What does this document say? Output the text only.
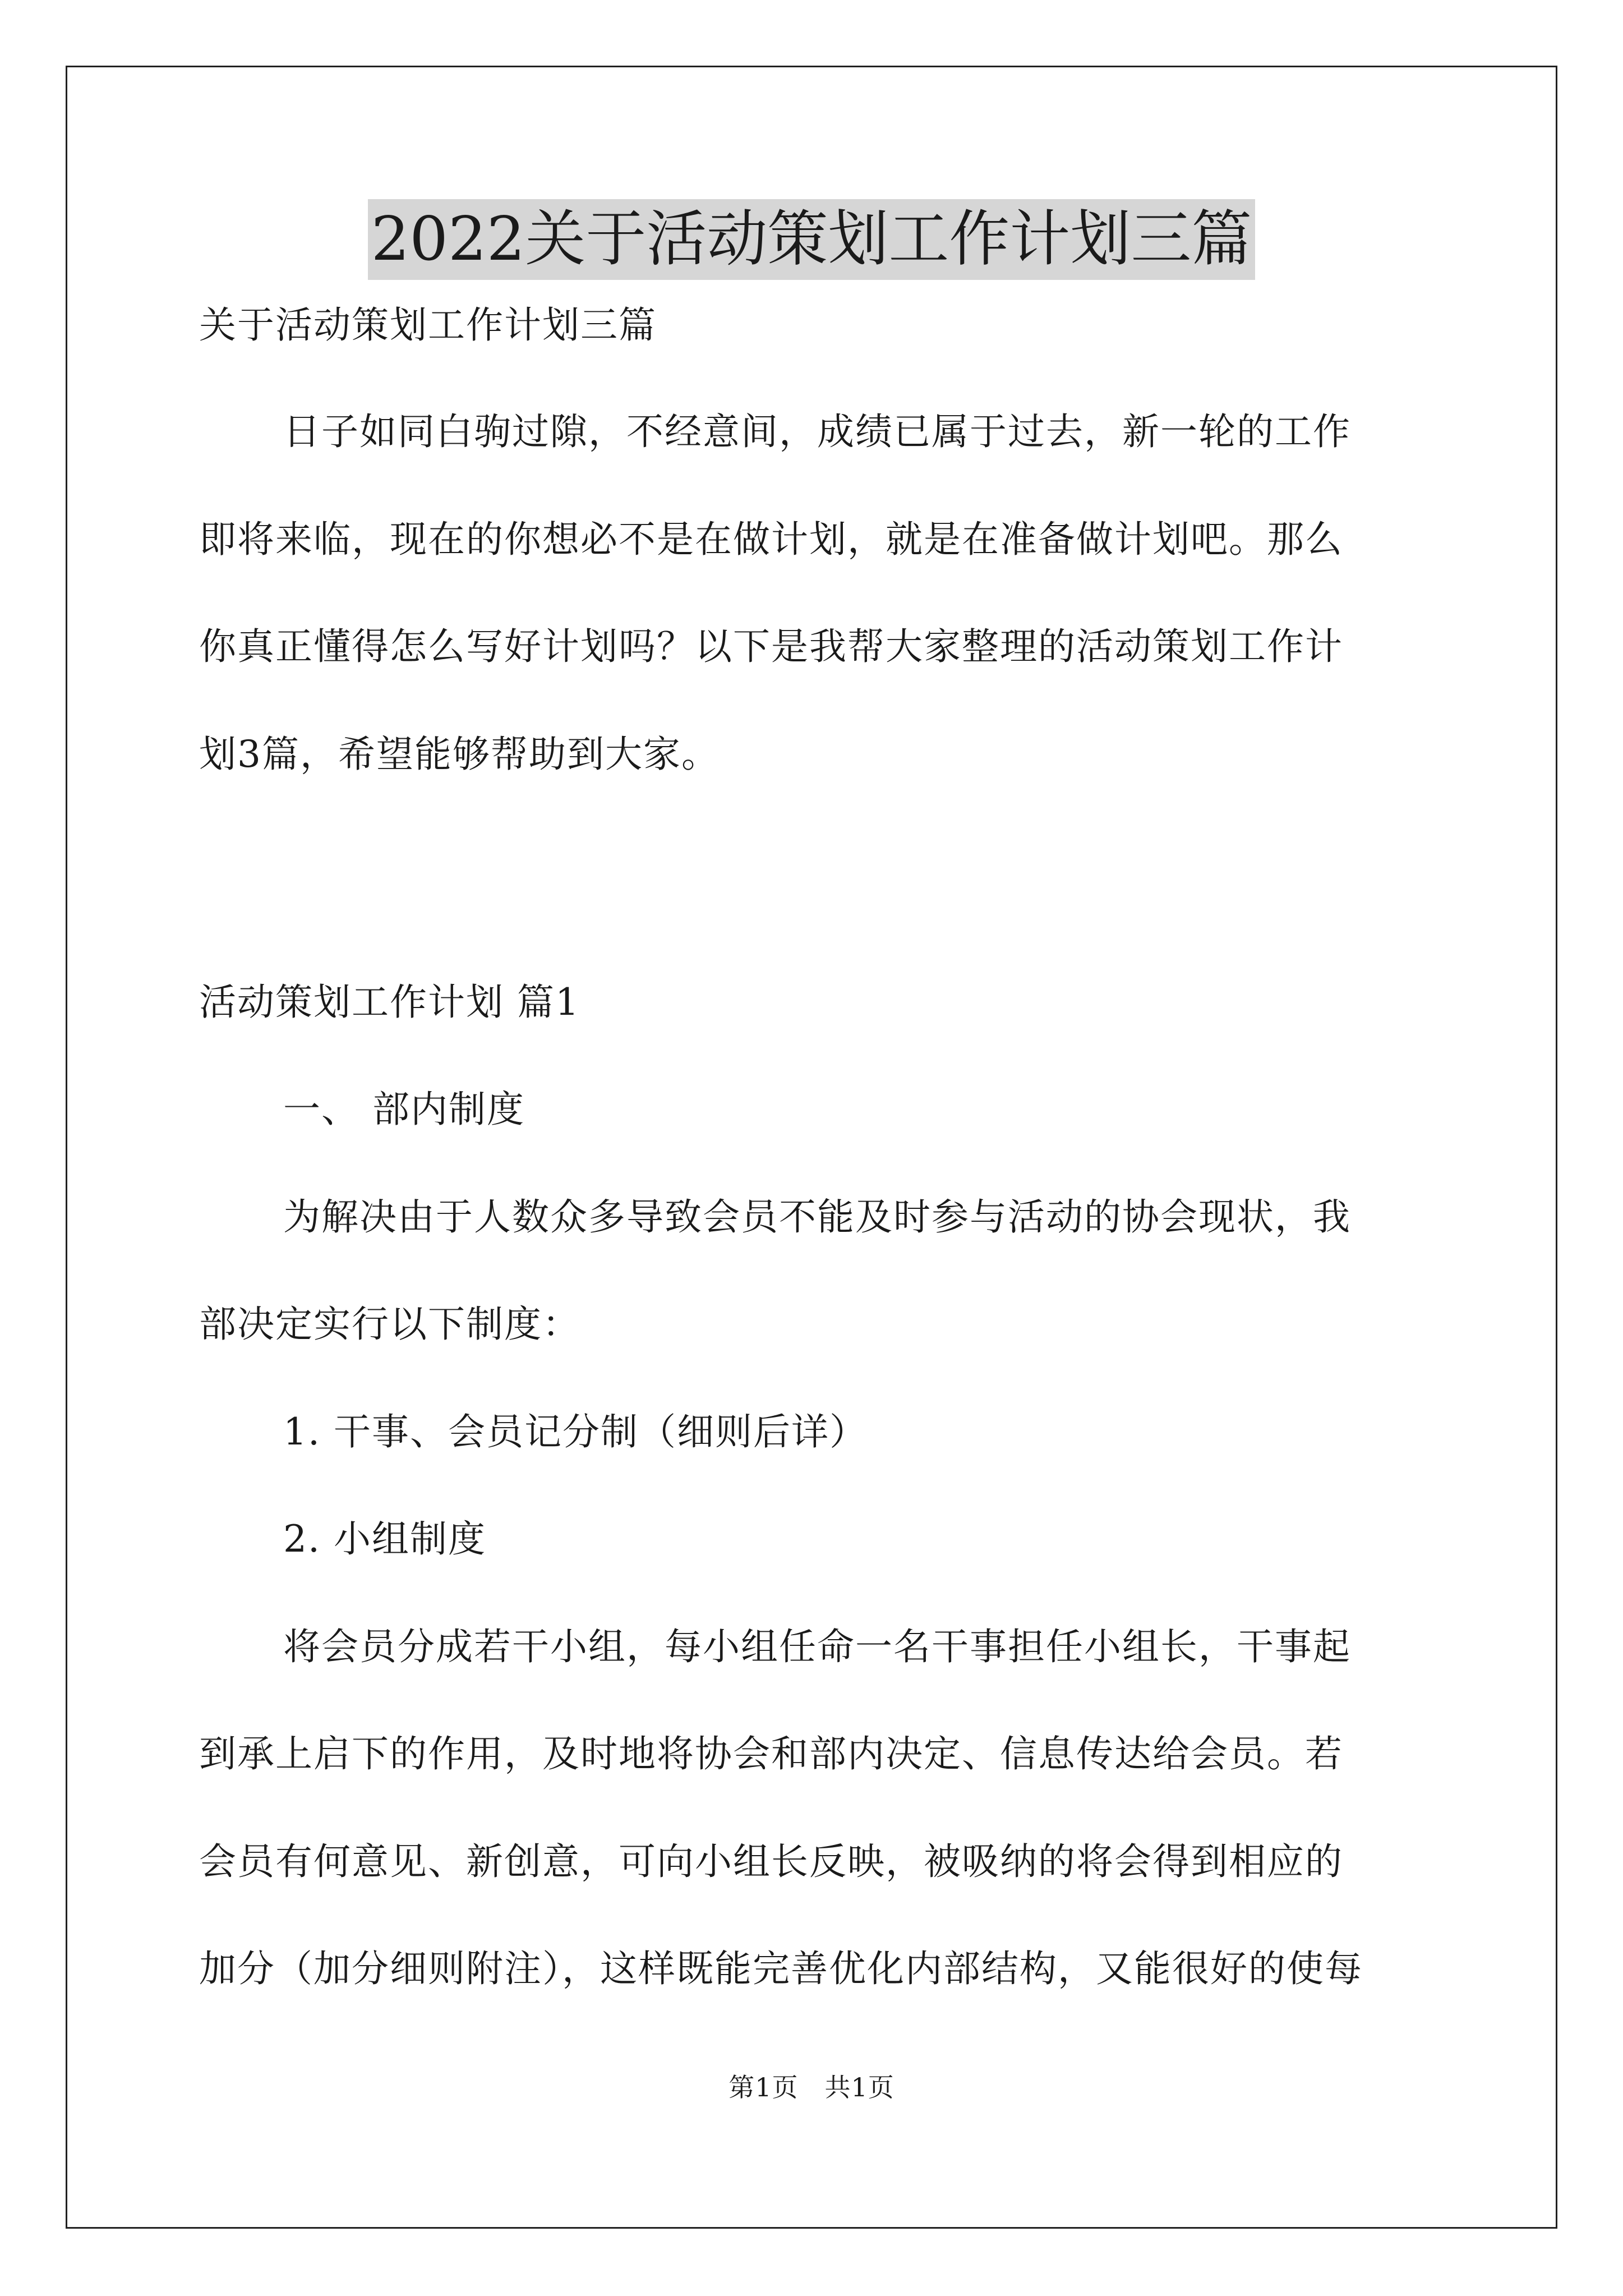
2022关于活动策划工作计划三篇
关于活动策划工作计划三篇
日子如同白驹过隙，不经意间，成绩已属于过去，新一轮的工作
即将来临，现在的你想必不是在做计划，就是在准备做计划吧。那么
你真正懂得怎么写好计划吗？以下是我帮大家整理的活动策划工作计
划3篇，希望能够帮助到大家。
活动策划工作计划 篇1
一、 部内制度
为解决由于人数众多导致会员不能及时参与活动的协会现状，我
部决定实行以下制度：
1. 干事、会员记分制（细则后详）
2. 小组制度
将会员分成若干小组，每小组任命一名干事担任小组长，干事起
到承上启下的作用，及时地将协会和部内决定、信息传达给会员。若
会员有何意见、新创意，可向小组长反映，被吸纳的将会得到相应的
加分（加分细则附注），这样既能完善优化内部结构，又能很好的使每
第1页　共1页
